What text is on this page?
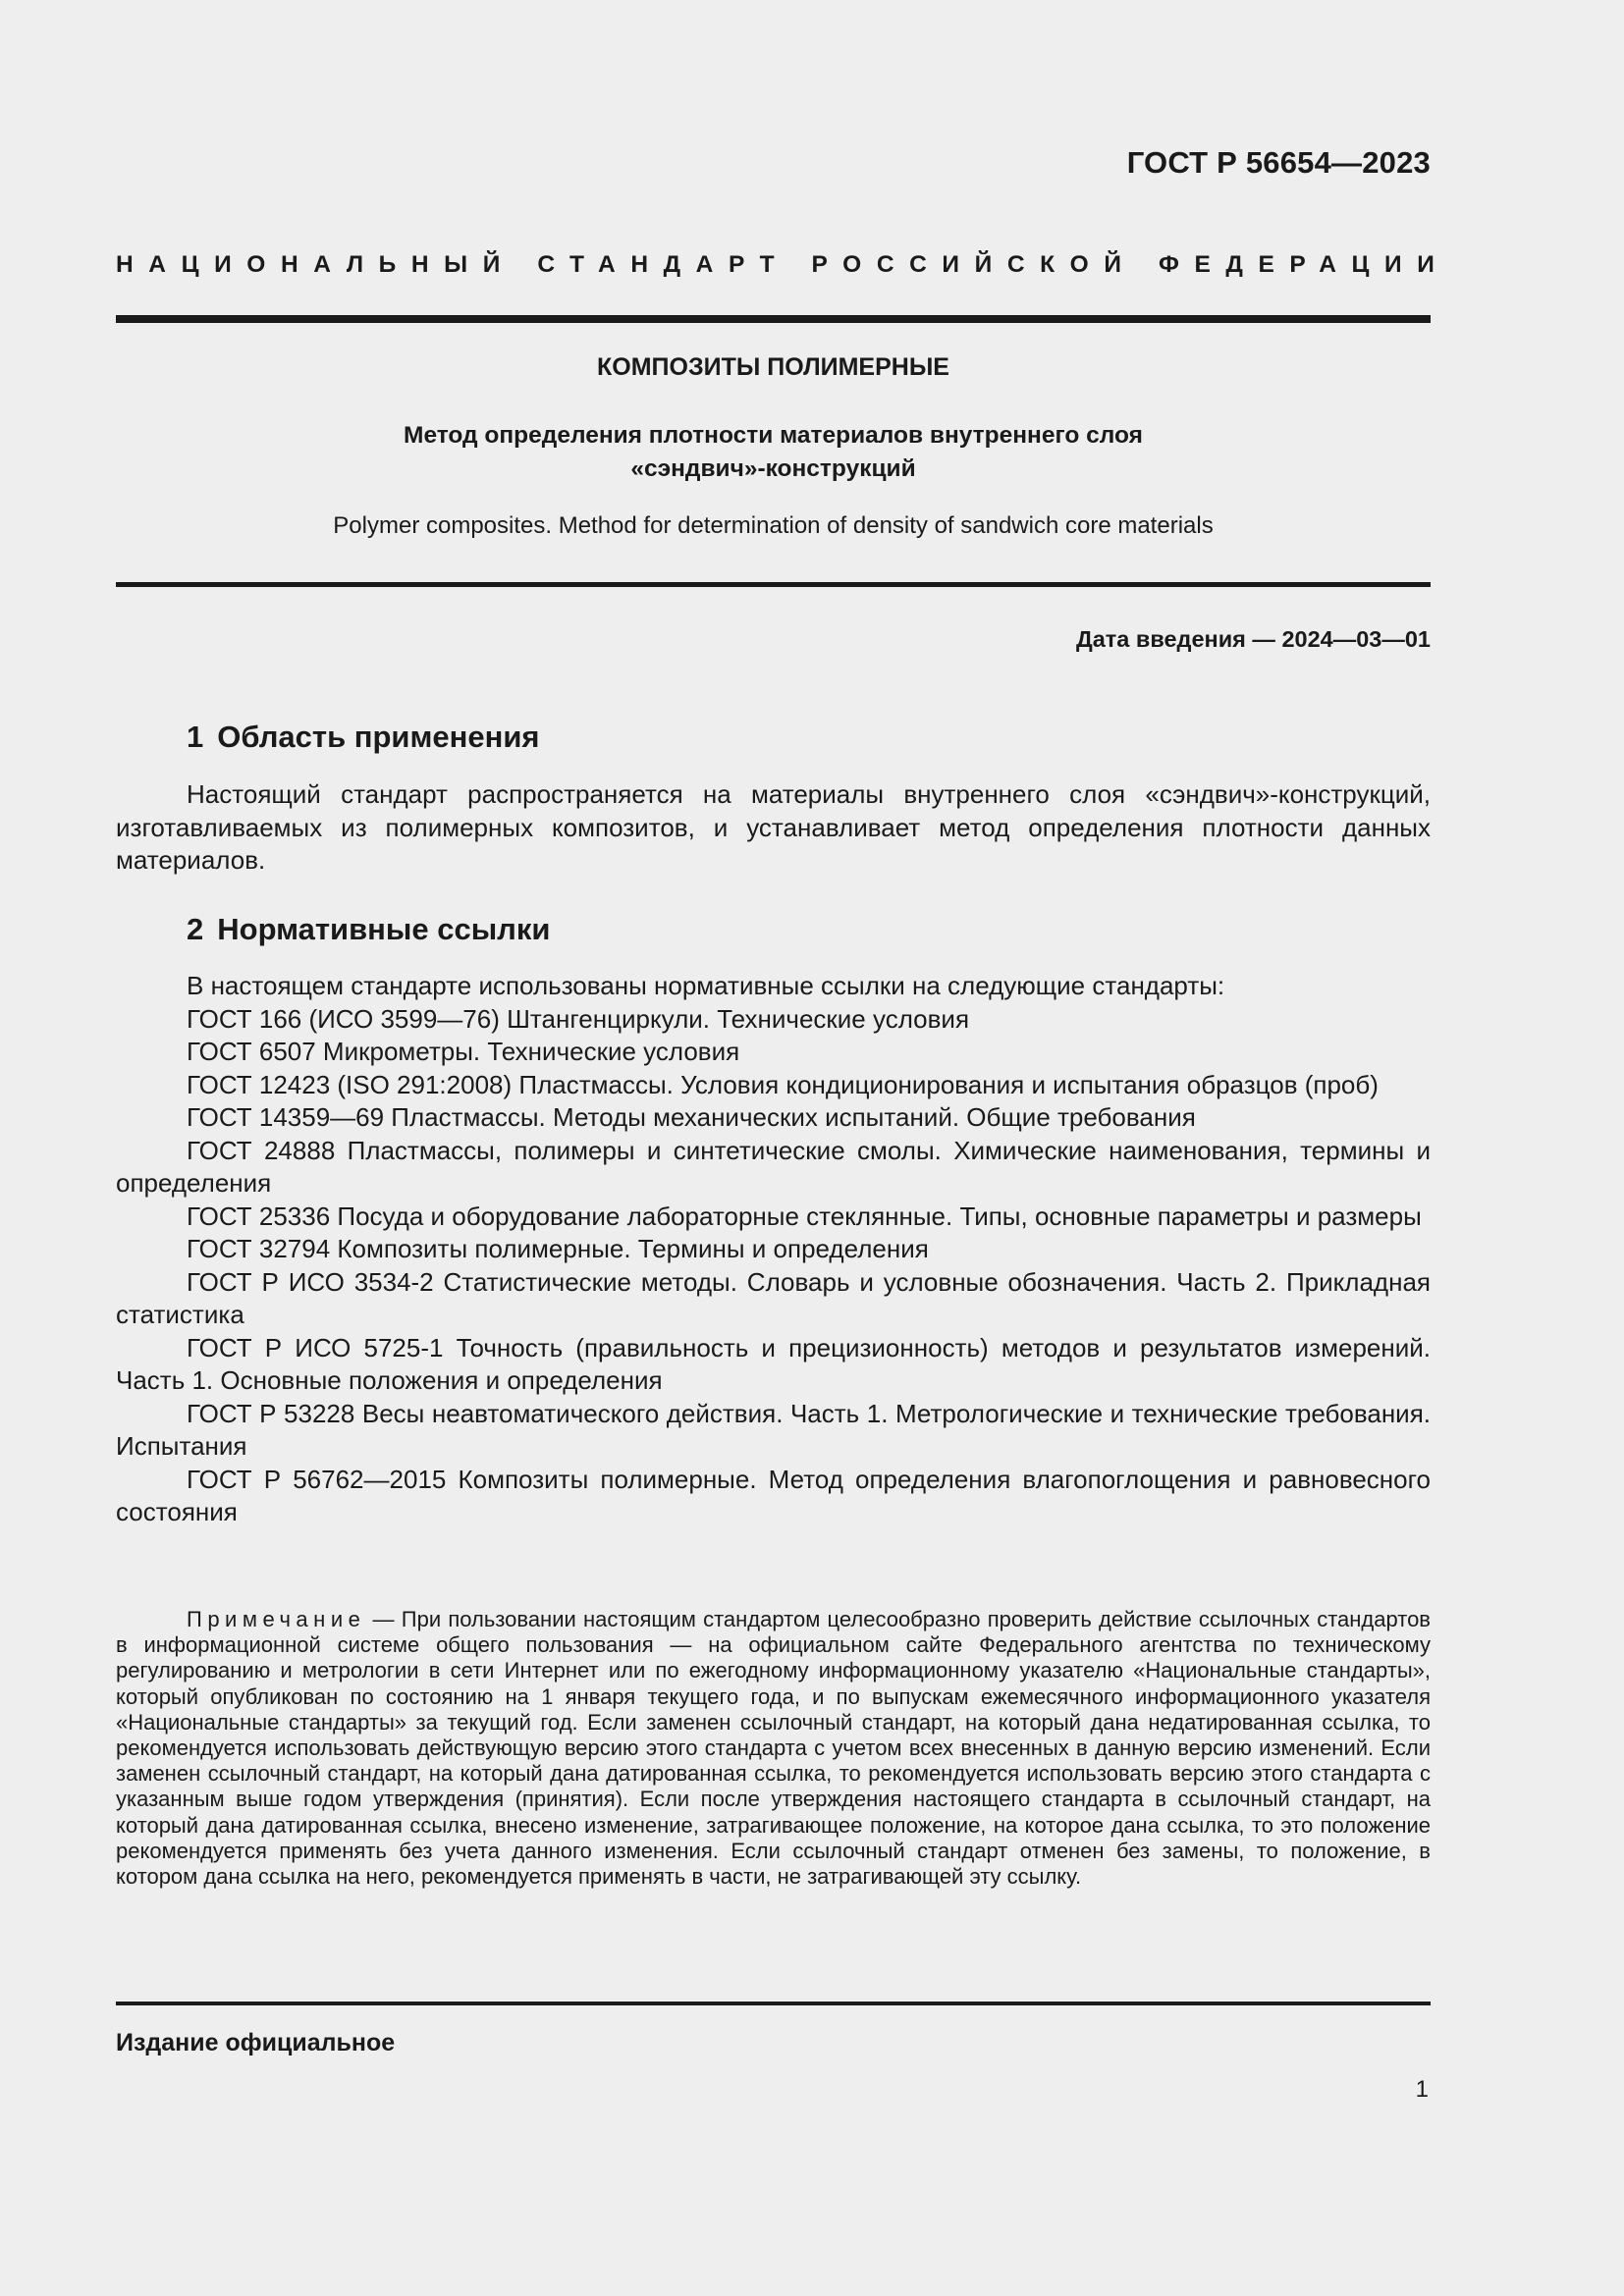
ГОСТ Р 56654—2023
НАЦИОНАЛЬНЫЙ СТАНДАРТ РОССИЙСКОЙ ФЕДЕРАЦИИ
КОМПОЗИТЫ ПОЛИМЕРНЫЕ
Метод определения плотности материалов внутреннего слоя
«сэндвич»-конструкций
Polymer composites. Method for determination of density of sandwich core materials
Дата введения — 2024—03—01
1 Область применения
Настоящий стандарт распространяется на материалы внутреннего слоя «сэндвич»-конструкций, изготавливаемых из полимерных композитов, и устанавливает метод определения плотности данных материалов.
2 Нормативные ссылки

В настоящем стандарте использованы нормативные ссылки на следующие стандарты:

ГОСТ 166 (ИСО 3599—76) Штангенциркули. Технические условия

ГОСТ 6507 Микрометры. Технические условия

ГОСТ 12423 (ISO 291:2008) Пластмассы. Условия кондиционирования и испытания образцов (проб)

ГОСТ 14359—69 Пластмассы. Методы механических испытаний. Общие требования

ГОСТ 24888 Пластмассы, полимеры и синтетические смолы. Химические наименования, термины и определения

ГОСТ 25336 Посуда и оборудование лабораторные стеклянные. Типы, основные параметры и размеры

ГОСТ 32794 Композиты полимерные. Термины и определения

ГОСТ Р ИСО 3534-2 Статистические методы. Словарь и условные обозначения. Часть 2. Прикладная статистика

ГОСТ Р ИСО 5725-1 Точность (правильность и прецизионность) методов и результатов измерений. Часть 1. Основные положения и определения

ГОСТ Р 53228 Весы неавтоматического действия. Часть 1. Метрологические и технические требования. Испытания

ГОСТ Р 56762—2015 Композиты полимерные. Метод определения влагопоглощения и равновесного состояния

Примечание — При пользовании настоящим стандартом целесообразно проверить действие ссылочных стандартов в информационной системе общего пользования — на официальном сайте Федерального агентства по техническому регулированию и метрологии в сети Интернет или по ежегодному информационному указателю «Национальные стандарты», который опубликован по состоянию на 1 января текущего года, и по выпускам ежемесячного информационного указателя «Национальные стандарты» за текущий год. Если заменен ссылочный стандарт, на который дана недатированная ссылка, то рекомендуется использовать действующую версию этого стандарта с учетом всех внесенных в данную версию изменений. Если заменен ссылочный стандарт, на который дана датированная ссылка, то рекомендуется использовать версию этого стандарта с указанным выше годом утверждения (принятия). Если после утверждения настоящего стандарта в ссылочный стандарт, на который дана датированная ссылка, внесено изменение, затрагивающее положение, на которое дана ссылка, то это положение рекомендуется применять без учета данного изменения. Если ссылочный стандарт отменен без замены, то положение, в котором дана ссылка на него, рекомендуется применять в части, не затрагивающей эту ссылку.
Издание официальное
1
